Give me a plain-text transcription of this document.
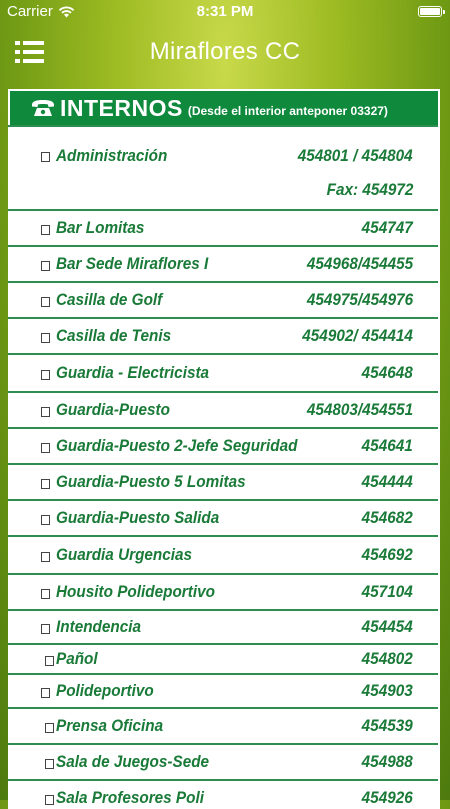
Carrier	8:31 PM
Miraflores CC
INTERNOS (Desde el interior anteponer 03327)
Administración	454801 / 454804
Fax: 454972
Bar Lomitas	454747
Bar Sede Miraflores I	454968/454455
Casilla de Golf	454975/454976
Casilla de Tenis	454902/ 454414
Guardia - Electricista	454648
Guardia-Puesto	454803/454551
Guardia-Puesto 2-Jefe Seguridad	454641
Guardia-Puesto 5 Lomitas	454444
Guardia-Puesto Salida	454682
Guardia Urgencias	454692
Housito Polideportivo	457104
Intendencia	454454
Pañol	454802
Polideportivo	454903
Prensa Oficina	454539
Sala de Juegos-Sede	454988
Sala Profesores Poli	454926
